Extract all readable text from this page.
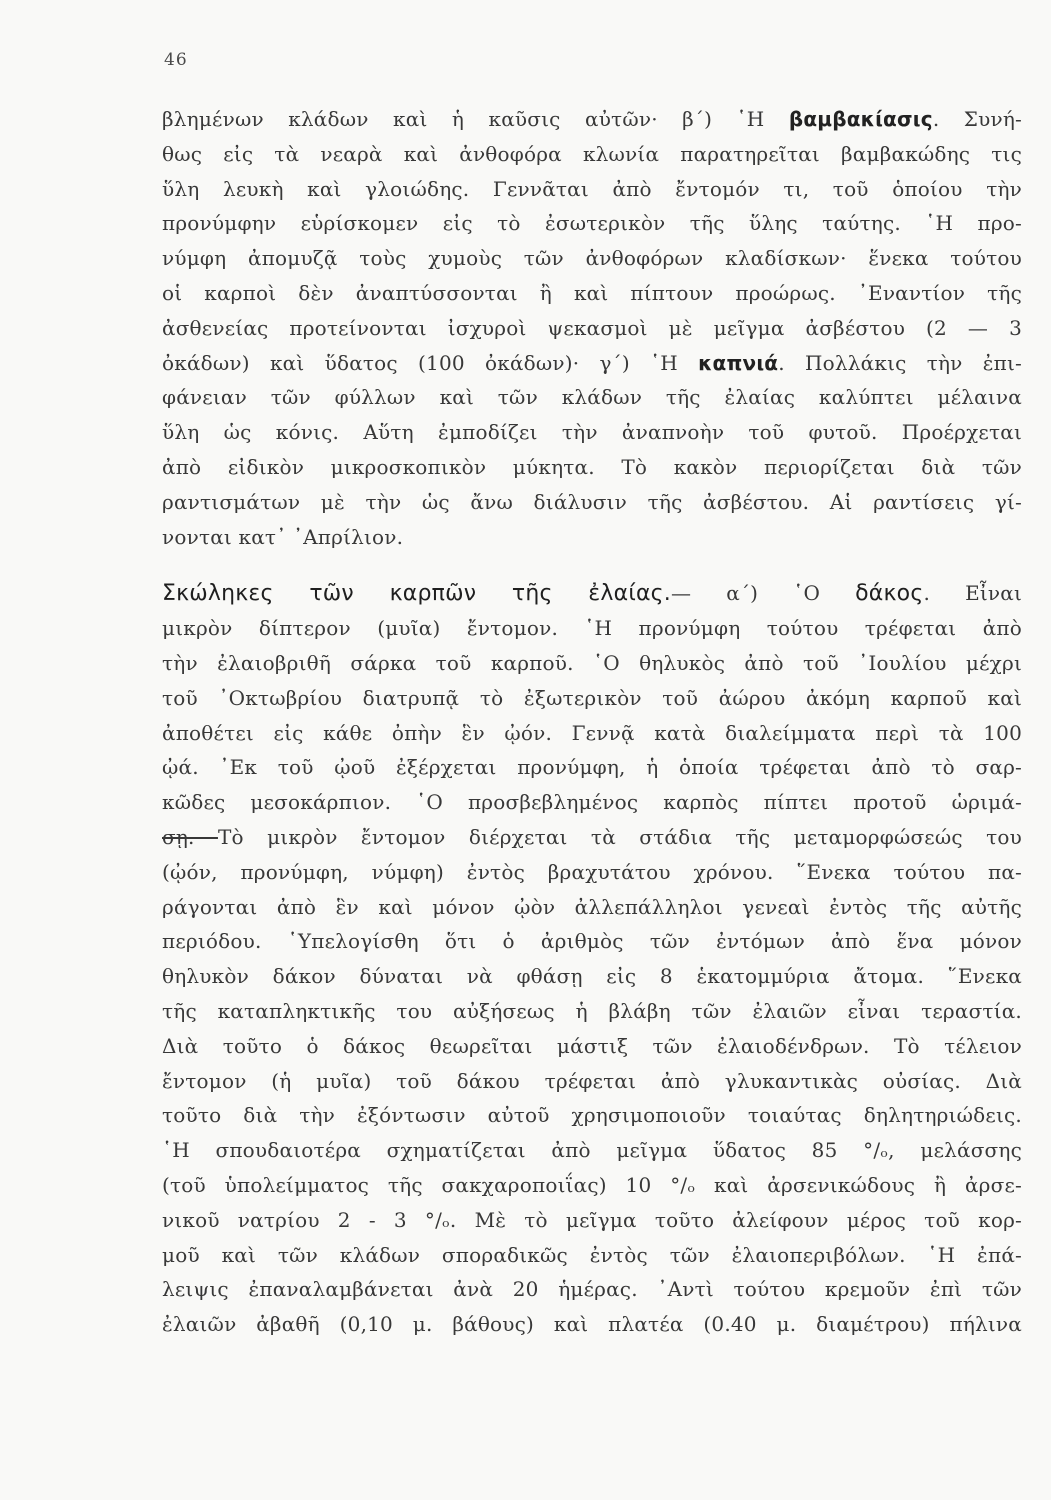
46
βλημένων κλάδων καὶ ἡ καῦσις αὐτῶν· β΄) ῾Η βαμβακίασις. Συνή-
θως εἰς τὰ νεαρὰ καὶ ἀνθοφόρα κλωνία παρατηρεῖται βαμβακώδης τις
ὕλη λευκὴ καὶ γλοιώδης. Γεννᾶται ἀπὸ ἔντομόν τι, τοῦ ὁποίου τὴν
προνύμφην εὑρίσκομεν εἰς τὸ ἐσωτερικὸν τῆς ὕλης ταύτης. ῾Η προ-
νύμφη ἀπομυζᾷ τοὺς χυμοὺς τῶν ἀνθοφόρων κλαδίσκων· ἕνεκα τούτου
οἱ καρποὶ δὲν ἀναπτύσσονται ἢ καὶ πίπτουν προώρως. ᾿Εναντίον τῆς
ἀσθενείας προτείνονται ἰσχυροὶ ψεκασμοὶ μὲ μεῖγμα ἀσβέστου (2 — 3
ὀκάδων) καὶ ὕδατος (100 ὀκάδων)· γ΄) ῾Η καπνιά. Πολλάκις τὴν ἐπι-
φάνειαν τῶν φύλλων καὶ τῶν κλάδων τῆς ἐλαίας καλύπτει μέλαινα
ὕλη ὡς κόνις. Αὕτη ἐμποδίζει τὴν ἀναπνοὴν τοῦ φυτοῦ. Προέρχεται
ἀπὸ εἰδικὸν μικροσκοπικὸν μύκητα. Τὸ κακὸν περιορίζεται διὰ τῶν
ραντισμάτων μὲ τὴν ὡς ἄνω διάλυσιν τῆς ἀσβέστου. Αἱ ραντίσεις γί-
νονται κατ᾿ ᾿Απρίλιον.
Σκώληκες τῶν καρπῶν τῆς ἐλαίας.— α΄) ῾Ο δάκος. Εἶναι
μικρὸν δίπτερον (μυῖα) ἔντομον. ῾Η προνύμφη τούτου τρέφεται ἀπὸ
τὴν ἐλαιοβριθῆ σάρκα τοῦ καρποῦ. ῾Ο θηλυκὸς ἀπὸ τοῦ ᾿Ιουλίου μέχρι
τοῦ ᾿Οκτωβρίου διατρυπᾷ τὸ ἐξωτερικὸν τοῦ ἀώρου ἀκόμη καρποῦ καὶ
ἀποθέτει εἰς κάθε ὀπὴν ἓν ᾠόν. Γεννᾷ κατὰ διαλείμματα περὶ τὰ 100
ᾠά. ᾿Εκ τοῦ ᾠοῦ ἐξέρχεται προνύμφη, ἡ ὁποία τρέφεται ἀπὸ τὸ σαρ-
κῶδες μεσοκάρπιον. ῾Ο προσβεβλημένος καρπὸς πίπτει προτοῦ ὡριμά-
σῃ. Τὸ μικρὸν ἔντομον διέρχεται τὰ στάδια τῆς μεταμορφώσεώς του
(ᾠόν, προνύμφη, νύμφη) ἐντὸς βραχυτάτου χρόνου. ῞Ενεκα τούτου πα-
ράγονται ἀπὸ ἓν καὶ μόνον ᾠὸν ἀλλεπάλληλοι γενεαὶ ἐντὸς τῆς αὐτῆς
περιόδου. ῾Υπελογίσθη ὅτι ὁ ἀριθμὸς τῶν ἐντόμων ἀπὸ ἕνα μόνον
θηλυκὸν δάκον δύναται νὰ φθάσῃ εἰς 8 ἑκατομμύρια ἄτομα. ῞Ενεκα
τῆς καταπληκτικῆς του αὐξήσεως ἡ βλάβη τῶν ἐλαιῶν εἶναι τεραστία.
Διὰ τοῦτο ὁ δάκος θεωρεῖται μάστιξ τῶν ἐλαιοδένδρων. Τὸ τέλειον
ἔντομον (ἡ μυῖα) τοῦ δάκου τρέφεται ἀπὸ γλυκαντικὰς οὐσίας. Διὰ
τοῦτο διὰ τὴν ἐξόντωσιν αὐτοῦ χρησιμοποιοῦν τοιαύτας δηλητηριώδεις.
῾Η σπουδαιοτέρα σχηματίζεται ἀπὸ μεῖγμα ὕδατος 85 °/ₒ, μελάσσης
(τοῦ ὑπολείμματος τῆς σακχαροποιΐας) 10 °/ₒ καὶ ἀρσενικώδους ἢ ἀρσε-
νικοῦ νατρίου 2 - 3 °/ₒ. Μὲ τὸ μεῖγμα τοῦτο ἀλείφουν μέρος τοῦ κορ-
μοῦ καὶ τῶν κλάδων σποραδικῶς ἐντὸς τῶν ἐλαιοπεριβόλων. ῾Η ἐπά-
λειψις ἐπαναλαμβάνεται ἀνὰ 20 ἡμέρας. ᾿Αντὶ τούτου κρεμοῦν ἐπὶ τῶν
ἐλαιῶν ἀβαθῆ (0,10 μ. βάθους) καὶ πλατέα (0.40 μ. διαμέτρου) πήλινα
